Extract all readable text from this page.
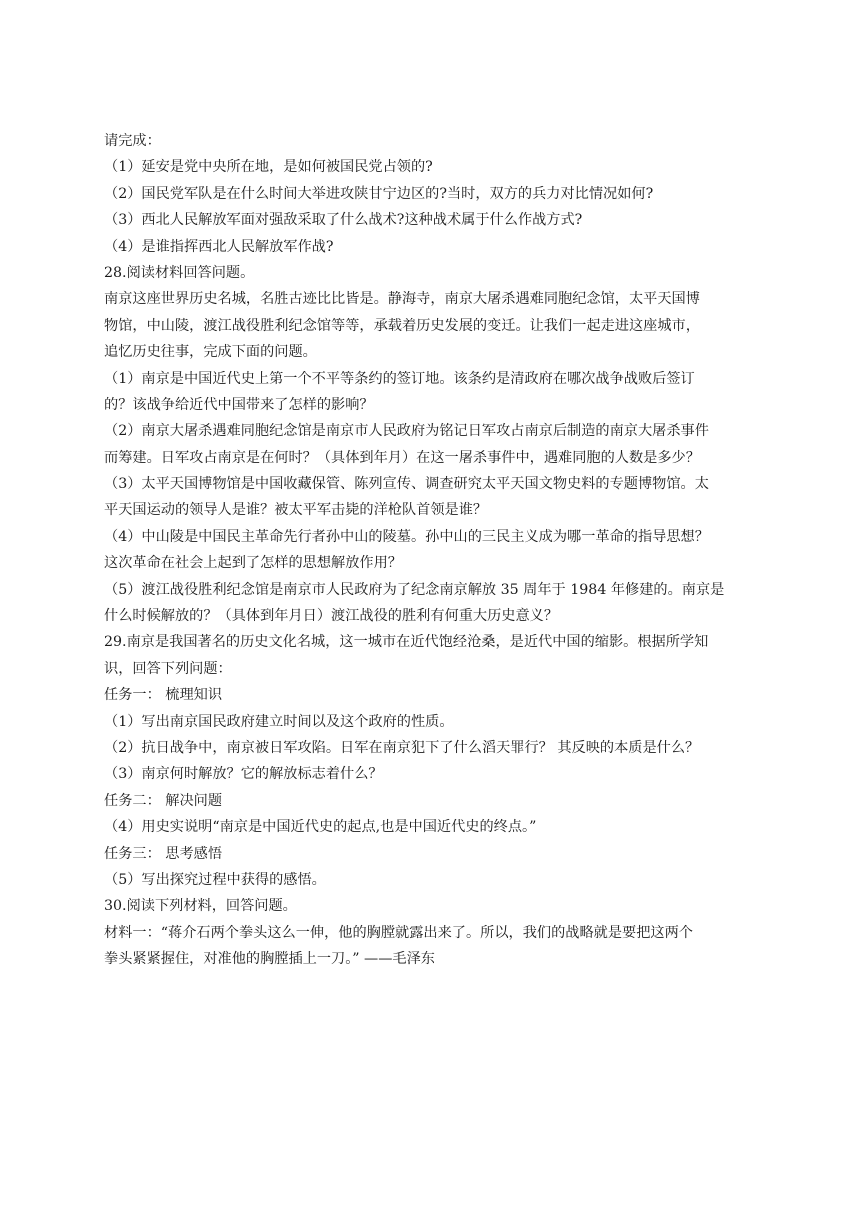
请完成：
（1）延安是党中央所在地，是如何被国民党占领的?
（2）国民党军队是在什么时间大举进攻陕甘宁边区的?当时，双方的兵力对比情况如何?
（3）西北人民解放军面对强敌采取了什么战术?这种战术属于什么作战方式?
（4）是谁指挥西北人民解放军作战?
28.阅读材料回答问题。
南京这座世界历史名城，名胜古迹比比皆是。静海寺，南京大屠杀遇难同胞纪念馆，太平天国博
物馆，中山陵，渡江战役胜利纪念馆等等，承载着历史发展的变迁。让我们一起走进这座城市，
追忆历史往事，完成下面的问题。
（1）南京是中国近代史上第一个不平等条约的签订地。该条约是清政府在哪次战争战败后签订
的？该战争给近代中国带来了怎样的影响？
（2）南京大屠杀遇难同胞纪念馆是南京市人民政府为铭记日军攻占南京后制造的南京大屠杀事件
而筹建。日军攻占南京是在何时？（具体到年月）在这一屠杀事件中，遇难同胞的人数是多少？
（3）太平天国博物馆是中国收藏保管、陈列宣传、调查研究太平天国文物史料的专题博物馆。太
平天国运动的领导人是谁？被太平军击毙的洋枪队首领是谁？
（4）中山陵是中国民主革命先行者孙中山的陵墓。孙中山的三民主义成为哪一革命的指导思想？
这次革命在社会上起到了怎样的思想解放作用？
（5）渡江战役胜利纪念馆是南京市人民政府为了纪念南京解放 35 周年于 1984 年修建的。南京是
什么时候解放的？（具体到年月日）渡江战役的胜利有何重大历史意义？
29.南京是我国著名的历史文化名城，这一城市在近代饱经沧桑，是近代中国的缩影。根据所学知
识，回答下列问题：
任务一： 梳理知识
（1）写出南京国民政府建立时间以及这个政府的性质。
（2）抗日战争中，南京被日军攻陷。日军在南京犯下了什么滔天罪行？ 其反映的本质是什么？
（3）南京何时解放？它的解放标志着什么？
任务二： 解决问题
（4）用史实说明“南京是中国近代史的起点,也是中国近代史的终点。”
任务三： 思考感悟
（5）写出探究过程中获得的感悟。
30.阅读下列材料，回答问题。
材料一：“蒋介石两个拳头这么一伸，他的胸膛就露出来了。所以，我们的战略就是要把这两个
拳头紧紧握住，对准他的胸膛插上一刀。” ——毛泽东
